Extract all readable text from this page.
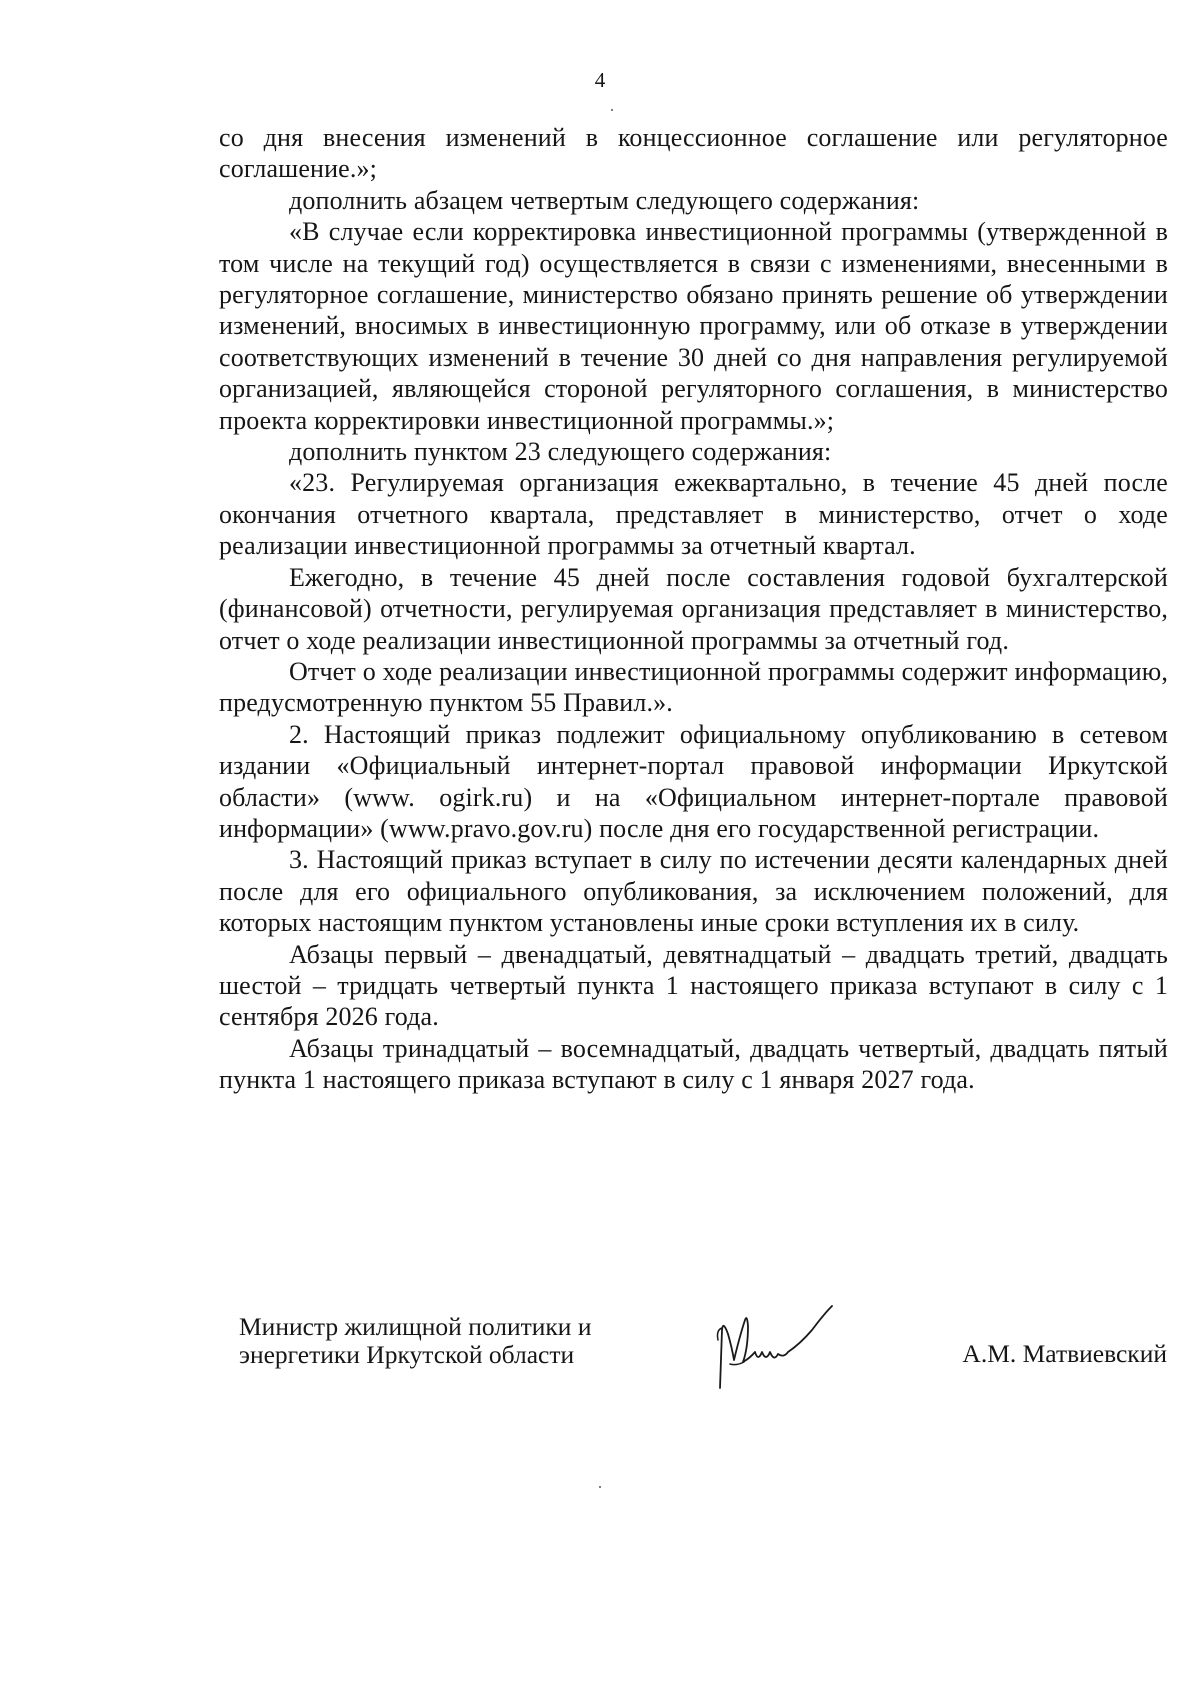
4

со дня внесения изменений в концессионное соглашение или регуляторное соглашение.»;

дополнить абзацем четвертым следующего содержания:

«В случае если корректировка инвестиционной программы (утвержденной в том числе на текущий год) осуществляется в связи с изменениями, внесенными в регуляторное соглашение, министерство обязано принять решение об утверждении изменений, вносимых в инвестиционную программу, или об отказе в утверждении соответствующих изменений в течение 30 дней со дня направления регулируемой организацией, являющейся стороной регуляторного соглашения, в министерство проекта корректировки инвестиционной программы.»;

дополнить пунктом 23 следующего содержания:

«23. Регулируемая организация ежеквартально, в течение 45 дней после окончания отчетного квартала, представляет в министерство, отчет о ходе реализации инвестиционной программы за отчетный квартал.

Ежегодно, в течение 45 дней после составления годовой бухгалтерской (финансовой) отчетности, регулируемая организация представляет в министерство, отчет о ходе реализации инвестиционной программы за отчетный год.

Отчет о ходе реализации инвестиционной программы содержит информацию, предусмотренную пунктом 55 Правил.».

2. Настоящий приказ подлежит официальному опубликованию в сетевом издании «Официальный интернет-портал правовой информации Иркутской области» (www. ogirk.ru) и на «Официальном интернет-портале правовой информации» (www.pravo.gov.ru) после дня его государственной регистрации.

3. Настоящий приказ вступает в силу по истечении десяти календарных дней после для его официального опубликования, за исключением положений, для которых настоящим пунктом установлены иные сроки вступления их в силу.

Абзацы первый – двенадцатый, девятнадцатый – двадцать третий, двадцать шестой – тридцать четвертый пункта 1 настоящего приказа вступают в силу с 1 сентября 2026 года.

Абзацы тринадцатый – восемнадцатый, двадцать четвертый, двадцать пятый пункта 1 настоящего приказа вступают в силу с 1 января 2027 года.

Министр жилищной политики и
энергетики Иркутской области	А.М. Матвиевский
